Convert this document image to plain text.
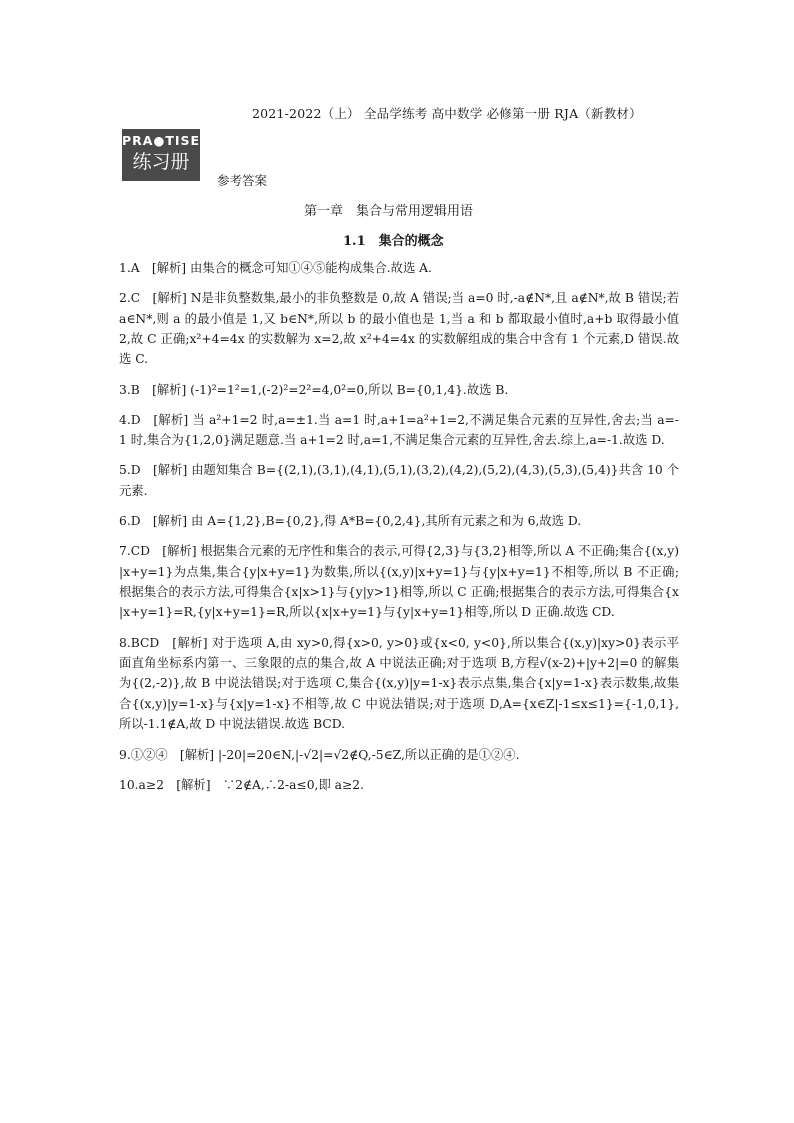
2021-2022（上） 全品学练考 高中数学 必修第一册 RJA（新教材）
PRA●TISE
练习册
参考答案
第一章　集合与常用逻辑用语
1.1　集合的概念

1.A　[解析] 由集合的概念可知①④⑤能构成集合.故选 A.

2.C　[解析] N是非负整数集,最小的非负整数是 0,故 A 错误;当 a=0 时,-a∉N*,且 a∉N*,故 B 错误;若 a∈N*,则 a 的最小值是 1,又 b∈N*,所以 b 的最小值也是 1,当 a 和 b 都取最小值时,a+b 取得最小值 2,故 C 正确;x²+4=4x 的实数解为 x=2,故 x²+4=4x 的实数解组成的集合中含有 1 个元素,D 错误.故选 C.

3.B　[解析] (-1)²=1²=1,(-2)²=2²=4,0²=0,所以 B={0,1,4}.故选 B.

4.D　[解析] 当 a²+1=2 时,a=±1.当 a=1 时,a+1=a²+1=2,不满足集合元素的互异性,舍去;当 a=-1 时,集合为{1,2,0}满足题意.当 a+1=2 时,a=1,不满足集合元素的互异性,舍去.综上,a=-1.故选 D.

5.D　[解析] 由题知集合 B={(2,1),(3,1),(4,1),(5,1),(3,2),(4,2),(5,2),(4,3),(5,3),(5,4)}共含 10 个元素.

6.D　[解析] 由 A={1,2},B={0,2},得 A*B={0,2,4},其所有元素之和为 6,故选 D.

7.CD　[解析] 根据集合元素的无序性和集合的表示,可得{2,3}与{3,2}相等,所以 A 不正确;集合{(x,y)|x+y=1}为点集,集合{y|x+y=1}为数集,所以{(x,y)|x+y=1}与{y|x+y=1}不相等,所以 B 不正确;根据集合的表示方法,可得集合{x|x>1}与{y|y>1}相等,所以 C 正确;根据集合的表示方法,可得集合{x|x+y=1}=R,{y|x+y=1}=R,所以{x|x+y=1}与{y|x+y=1}相等,所以 D 正确.故选 CD.

8.BCD　[解析] 对于选项 A,由 xy>0,得{x>0, y>0}或{x<0, y<0},所以集合{(x,y)|xy>0}表示平面直角坐标系内第一、三象限的点的集合,故 A 中说法正确;对于选项 B,方程√(x-2)+|y+2|=0 的解集为{(2,-2)},故 B 中说法错误;对于选项 C,集合{(x,y)|y=1-x}表示点集,集合{x|y=1-x}表示数集,故集合{(x,y)|y=1-x}与{x|y=1-x}不相等,故 C 中说法错误;对于选项 D,A={x∈Z|-1≤x≤1}={-1,0,1},所以-1.1∉A,故 D 中说法错误.故选 BCD.

9.①②④　[解析] |-20|=20∈N,|-√2|=√2∉Q,-5∈Z,所以正确的是①②④.

10.a≥2　[解析]　∵2∉A,∴2-a≤0,即 a≥2.
